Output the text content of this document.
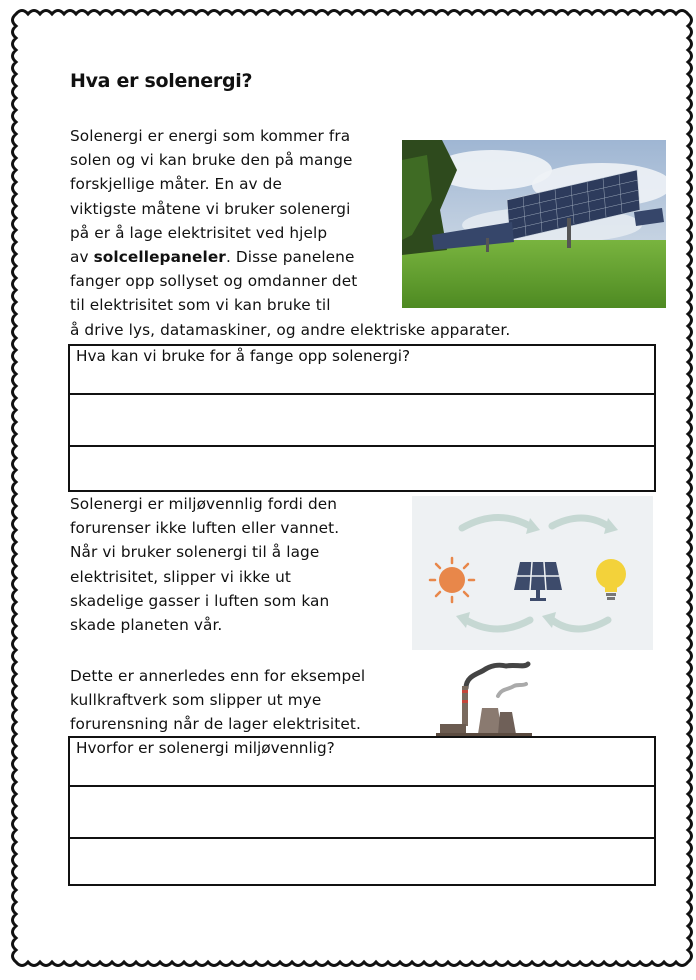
Hva er solenergi?
Solenergi er energi som kommer fra
solen og vi kan bruke den på mange
forskjellige måter. En av de
viktigste måtene vi bruker solenergi
på er å lage elektrisitet ved hjelp
av solcellepaneler. Disse panelene
fanger opp sollyset og omdanner det
til elektrisitet som vi kan bruke til
å drive lys, datamaskiner, og andre elektriske apparater.
Hva kan vi bruke for å fange opp solenergi?
Solenergi er miljøvennlig fordi den
forurenser ikke luften eller vannet.
Når vi bruker solenergi til å lage
elektrisitet, slipper vi ikke ut
skadelige gasser i luften som kan
skade planeten vår.
Dette er annerledes enn for eksempel
kullkraftverk som slipper ut mye
forurensning når de lager elektrisitet.
Hvorfor er solenergi miljøvennlig?
